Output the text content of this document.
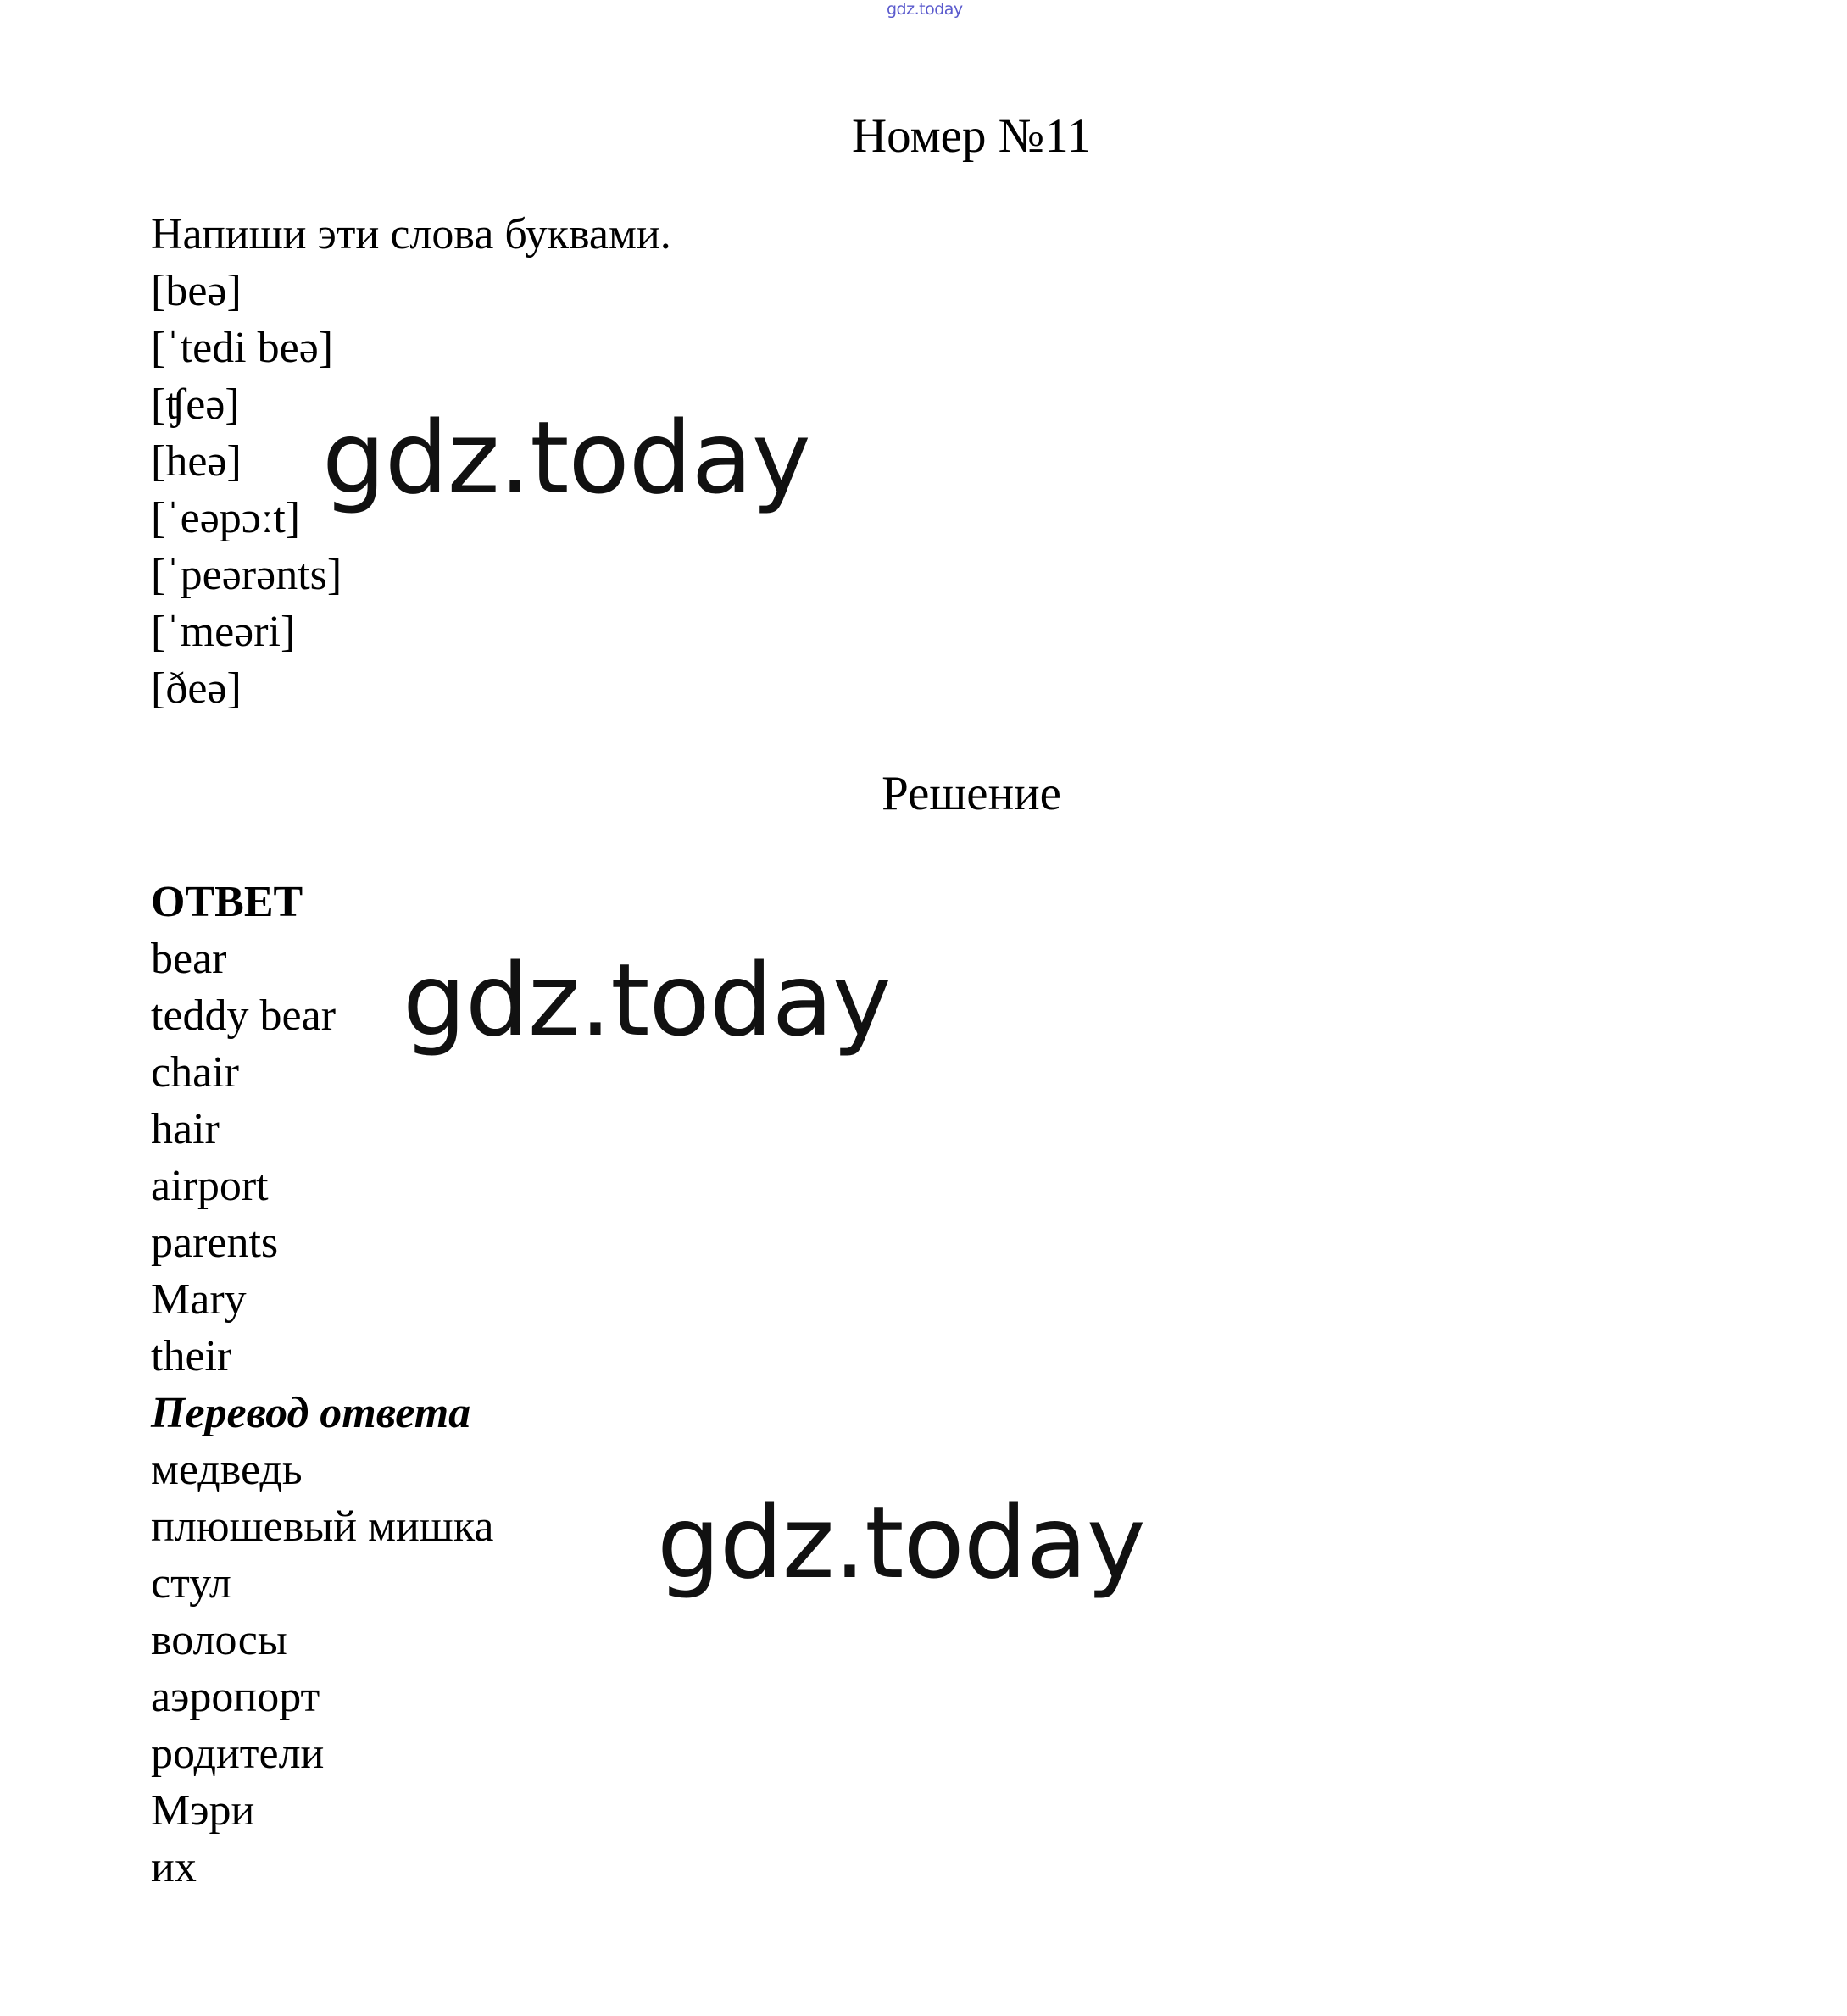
gdz.today
Номер №11
Напиши эти слова буквами.
[beə]
[ˈtedi beə]
[ʧeə]
[heə]
[ˈeəpɔːt]
[ˈpeərənts]
[ˈmeəri]
[ðeə]
Решение
ОТВЕТ
bear
teddy bear
chair
hair
airport
parents
Mary
their
Перевод ответа
медведь
плюшевый мишка
стул
волосы
аэропорт
родители
Мэри
их
gdz.today
gdz.today
gdz.today
